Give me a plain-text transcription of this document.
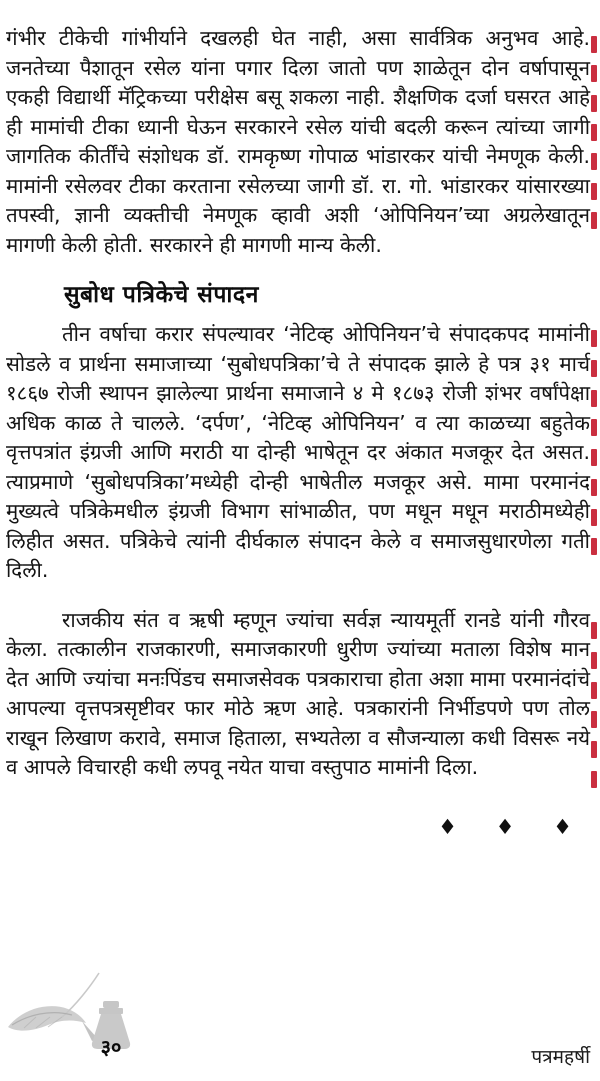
गंभीर टीकेची गांभीर्याने दखलही घेत नाही, असा सार्वत्रिक अनुभव आहे. जनतेच्या पैशातून रसेल यांना पगार दिला जातो पण शाळेतून दोन वर्षापासून एकही विद्यार्थी मॅट्रिकच्या परीक्षेस बसू शकला नाही. शैक्षणिक दर्जा घसरत आहे ही मामांची टीका ध्यानी घेऊन सरकारने रसेल यांची बदली करून त्यांच्या जागी जागतिक कीर्तींचे संशोधक डॉ. रामकृष्ण गोपाळ भांडारकर यांची नेमणूक केली. मामांनी रसेलवर टीका करताना रसेलच्या जागी डॉ. रा. गो. भांडारकर यांसारख्या तपस्वी, ज्ञानी व्यक्तीची नेमणूक व्हावी अशी ‘ओपिनियन’च्या अग्रलेखातून मागणी केली होती. सरकारने ही मागणी मान्य केली.

सुबोध पत्रिकेचे संपादन

तीन वर्षाचा करार संपल्यावर ‘नेटिव्ह ओपिनियन’चे संपादकपद मामांनी सोडले व प्रार्थना समाजाच्या ‘सुबोधपत्रिका’चे ते संपादक झाले हे पत्र ३१ मार्च १८६७ रोजी स्थापन झालेल्या प्रार्थना समाजाने ४ मे १८७३ रोजी शंभर वर्षांपेक्षा अधिक काळ ते चालले. ‘दर्पण’, ‘नेटिव्ह ओपिनियन’ व त्या काळच्या बहुतेक वृत्तपत्रांत इंग्रजी आणि मराठी या दोन्ही भाषेतून दर अंकात मजकूर देत असत. त्याप्रमाणे ‘सुबोधपत्रिका’मध्येही दोन्ही भाषेतील मजकूर असे. मामा परमानंद मुख्यत्वे पत्रिकेमधील इंग्रजी विभाग सांभाळीत, पण मधून मधून मराठीमध्येही लिहीत असत. पत्रिकेचे त्यांनी दीर्घकाल संपादन केले व समाजसुधारणेला गती दिली.

राजकीय संत व ऋषी म्हणून ज्यांचा सर्वज्ञ न्यायमूर्ती रानडे यांनी गौरव केला. तत्कालीन राजकारणी, समाजकारणी धुरीण ज्यांच्या मताला विशेष मान देत आणि ज्यांचा मनःपिंडच समाजसेवक पत्रकाराचा होता अशा मामा परमानंदांचे आपल्या वृत्तपत्रसृष्टीवर फार मोठे ऋण आहे. पत्रकारांनी निर्भीडपणे पण तोल राखून लिखाण करावे, समाज हिताला, सभ्यतेला व सौजन्याला कधी विसरू नये व आपले विचारही कधी लपवू नयेत याचा वस्तुपाठ मामांनी दिला.

♦ ♦ ♦
३०	पत्रमहर्षी
